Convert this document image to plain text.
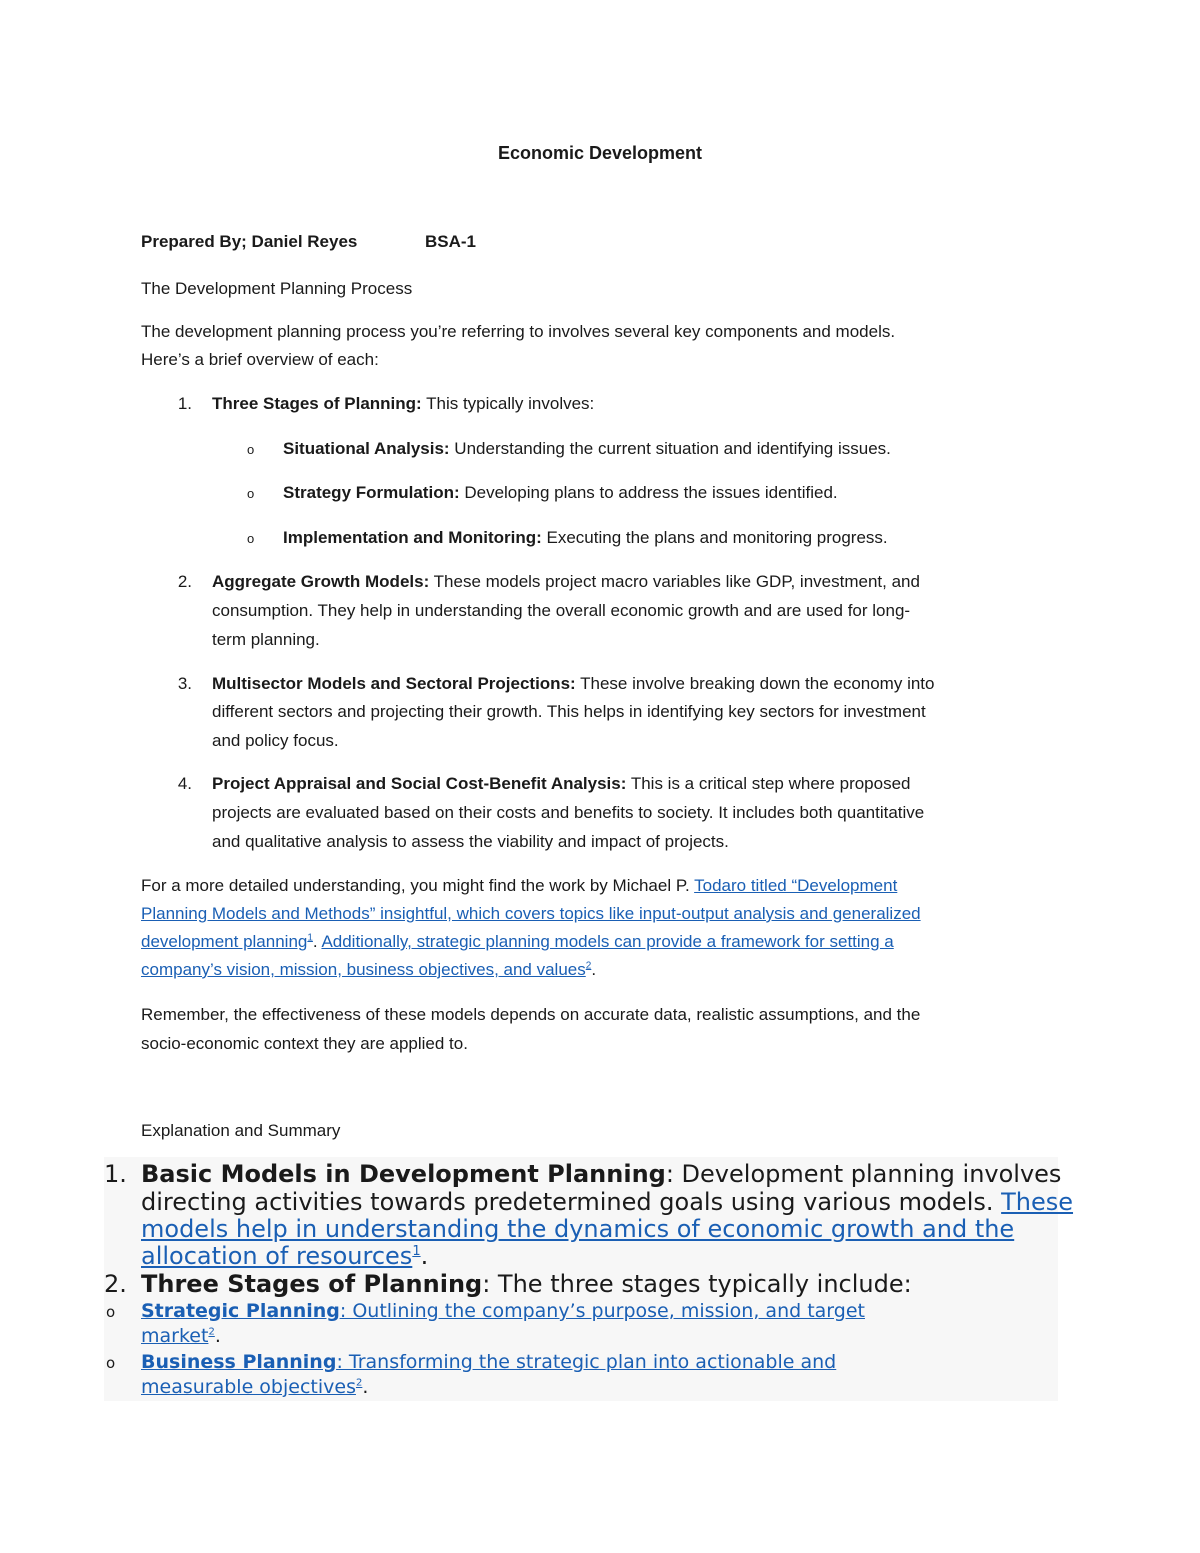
Economic Development
Prepared By; Daniel Reyes	BSA-1
The Development Planning Process
The development planning process you’re referring to involves several key components and models.
Here’s a brief overview of each:
1. Three Stages of Planning: This typically involves:
o Situational Analysis: Understanding the current situation and identifying issues.
o Strategy Formulation: Developing plans to address the issues identified.
o Implementation and Monitoring: Executing the plans and monitoring progress.
2. Aggregate Growth Models: These models project macro variables like GDP, investment, and
consumption. They help in understanding the overall economic growth and are used for long-
term planning.
3. Multisector Models and Sectoral Projections: These involve breaking down the economy into
different sectors and projecting their growth. This helps in identifying key sectors for investment
and policy focus.
4. Project Appraisal and Social Cost-Benefit Analysis: This is a critical step where proposed
projects are evaluated based on their costs and benefits to society. It includes both quantitative
and qualitative analysis to assess the viability and impact of projects.
For a more detailed understanding, you might find the work by Michael P. Todaro titled “Development
Planning Models and Methods” insightful, which covers topics like input-output analysis and generalized
development planning$^1$. Additionally, strategic planning models can provide a framework for setting a
company’s vision, mission, business objectives, and values$^2$.
Remember, the effectiveness of these models depends on accurate data, realistic assumptions, and the
socio-economic context they are applied to.
Explanation and Summary
1. Basic Models in Development Planning: Development planning involves
directing activities towards predetermined goals using various models. These
models help in understanding the dynamics of economic growth and the
allocation of resources$^1$.
2. Three Stages of Planning: The three stages typically include:
o Strategic Planning: Outlining the company’s purpose, mission, and target
market$^2$.
o Business Planning: Transforming the strategic plan into actionable and
measurable objectives$^2$.
